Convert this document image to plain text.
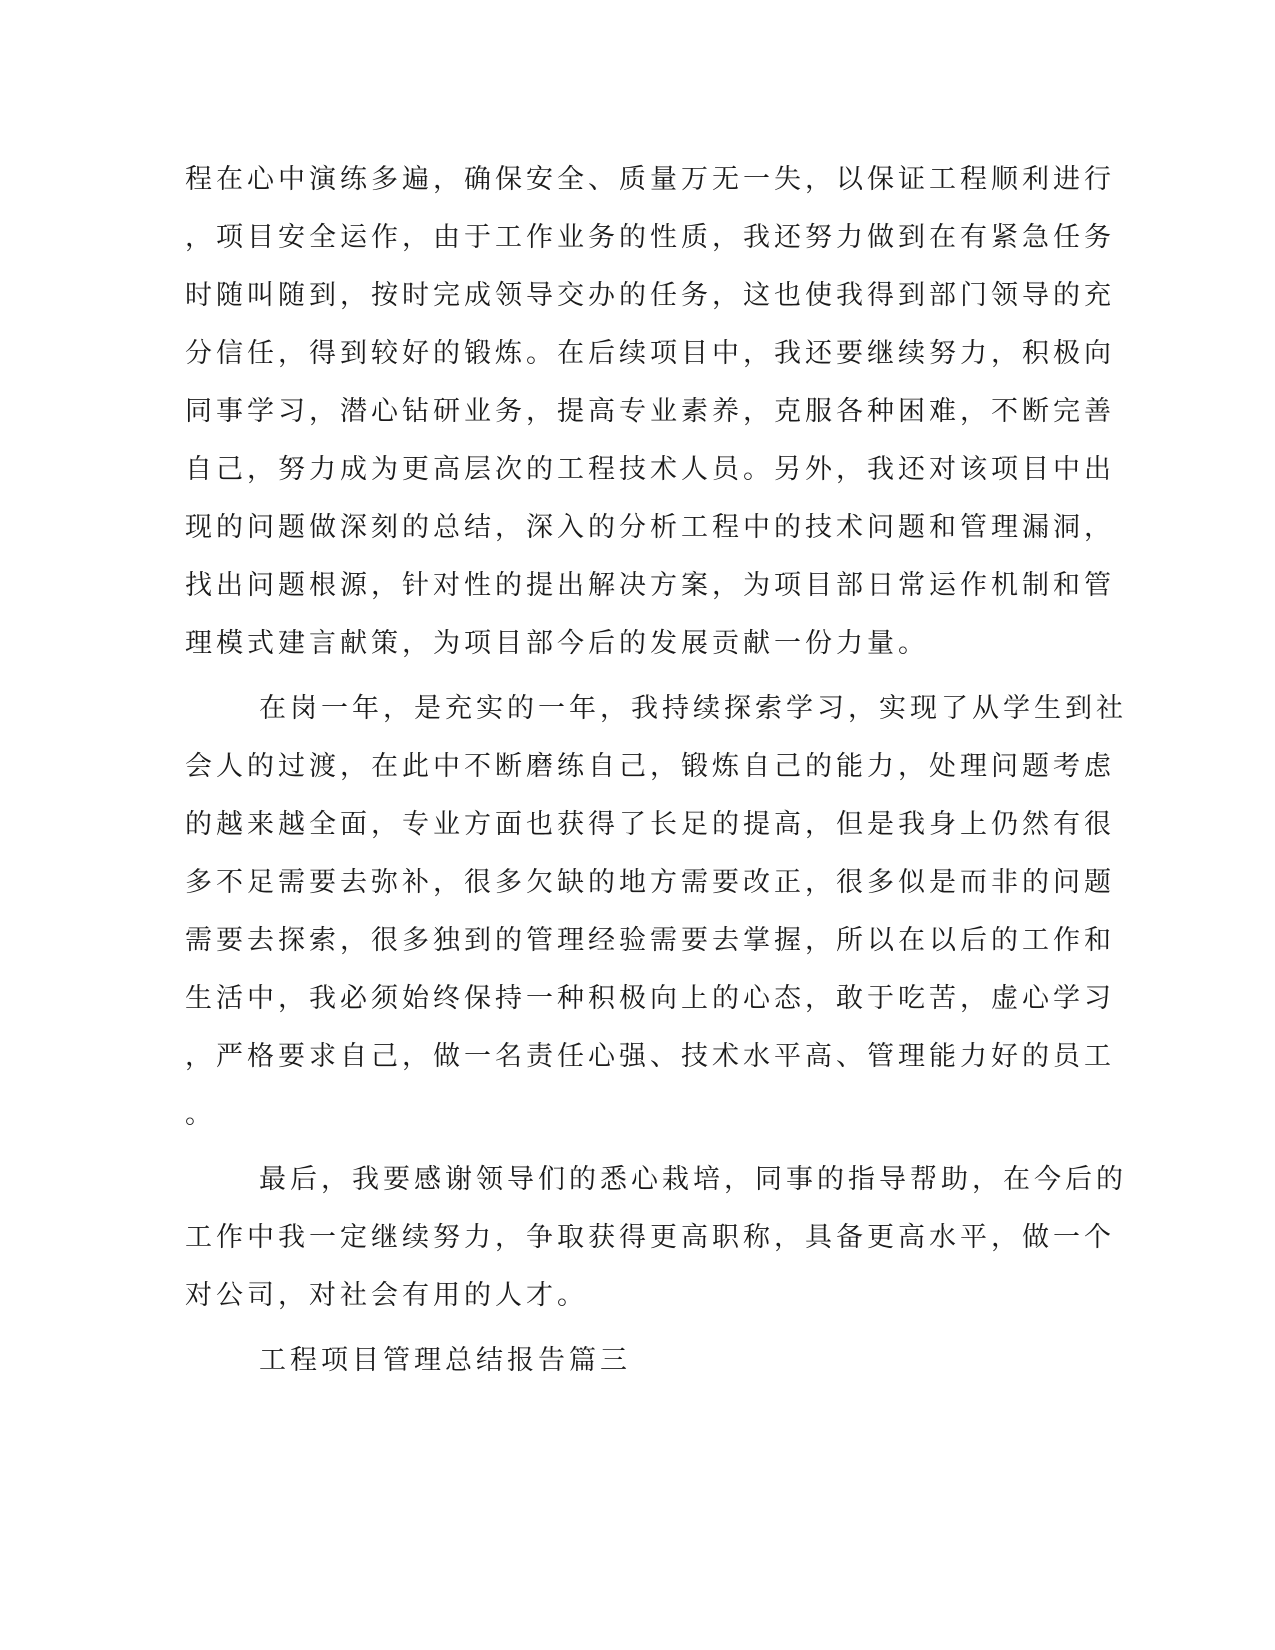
程在心中演练多遍，确保安全、质量万无一失，以保证工程顺利进行
，项目安全运作，由于工作业务的性质，我还努力做到在有紧急任务
时随叫随到，按时完成领导交办的任务，这也使我得到部门领导的充
分信任，得到较好的锻炼。在后续项目中，我还要继续努力，积极向
同事学习，潜心钻研业务，提高专业素养，克服各种困难，不断完善
自己，努力成为更高层次的工程技术人员。另外，我还对该项目中出
现的问题做深刻的总结，深入的分析工程中的技术问题和管理漏洞，
找出问题根源，针对性的提出解决方案，为项目部日常运作机制和管
理模式建言献策，为项目部今后的发展贡献一份力量。
在岗一年，是充实的一年，我持续探索学习，实现了从学生到社
会人的过渡，在此中不断磨练自己，锻炼自己的能力，处理问题考虑
的越来越全面，专业方面也获得了长足的提高，但是我身上仍然有很
多不足需要去弥补，很多欠缺的地方需要改正，很多似是而非的问题
需要去探索，很多独到的管理经验需要去掌握，所以在以后的工作和
生活中，我必须始终保持一种积极向上的心态，敢于吃苦，虚心学习
，严格要求自己，做一名责任心强、技术水平高、管理能力好的员工
。
最后，我要感谢领导们的悉心栽培，同事的指导帮助，在今后的
工作中我一定继续努力，争取获得更高职称，具备更高水平，做一个
对公司，对社会有用的人才。
工程项目管理总结报告篇三
